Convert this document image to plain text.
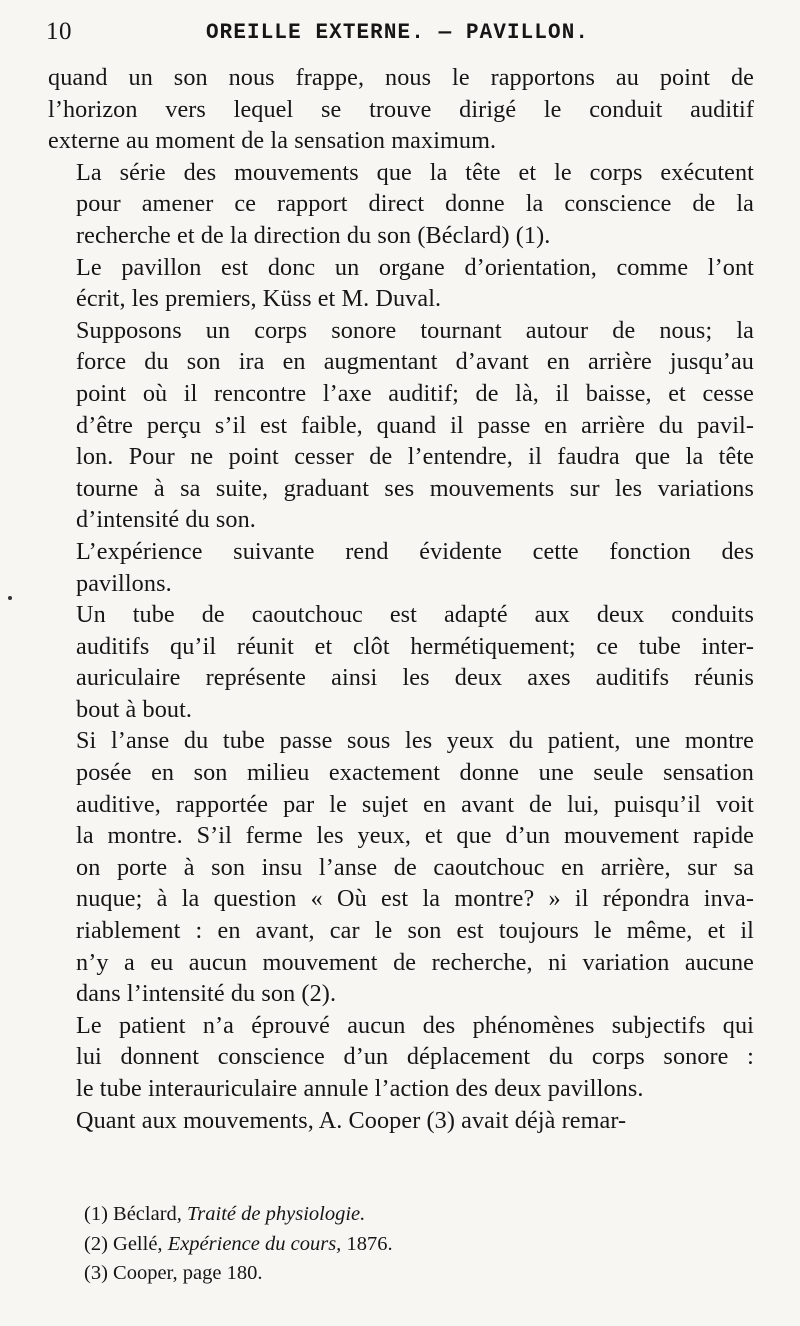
10	OREILLE EXTERNE. — PAVILLON.

quand un son nous frappe, nous le rapportons au point de
l’horizon vers lequel se trouve dirigé le conduit auditif
externe au moment de la sensation maximum.

La série des mouvements que la tête et le corps exécutent
pour amener ce rapport direct donne la conscience de la
recherche et de la direction du son (Béclard) (1).

Le pavillon est donc un organe d’orientation, comme l’ont
écrit, les premiers, Küss et M. Duval.

Supposons un corps sonore tournant autour de nous; la
force du son ira en augmentant d’avant en arrière jusqu’au
point où il rencontre l’axe auditif; de là, il baisse, et cesse
d’être perçu s’il est faible, quand il passe en arrière du pavil-
lon. Pour ne point cesser de l’entendre, il faudra que la tête
tourne à sa suite, graduant ses mouvements sur les variations
d’intensité du son.

L’expérience suivante rend évidente cette fonction des
pavillons.

Un tube de caoutchouc est adapté aux deux conduits
auditifs qu’il réunit et clôt hermétiquement; ce tube inter-
auriculaire représente ainsi les deux axes auditifs réunis
bout à bout.

Si l’anse du tube passe sous les yeux du patient, une montre
posée en son milieu exactement donne une seule sensation
auditive, rapportée par le sujet en avant de lui, puisqu’il voit
la montre. S’il ferme les yeux, et que d’un mouvement rapide
on porte à son insu l’anse de caoutchouc en arrière, sur sa
nuque; à la question « Où est la montre? » il répondra inva-
riablement : en avant, car le son est toujours le même, et il
n’y a eu aucun mouvement de recherche, ni variation aucune
dans l’intensité du son (2).

Le patient n’a éprouvé aucun des phénomènes subjectifs qui
lui donnent conscience d’un déplacement du corps sonore :
le tube interauriculaire annule l’action des deux pavillons.

Quant aux mouvements, A. Cooper (3) avait déjà remar-

(1) Béclard, Traité de physiologie.
(2) Gellé, Expérience du cours, 1876.
(3) Cooper, page 180.
